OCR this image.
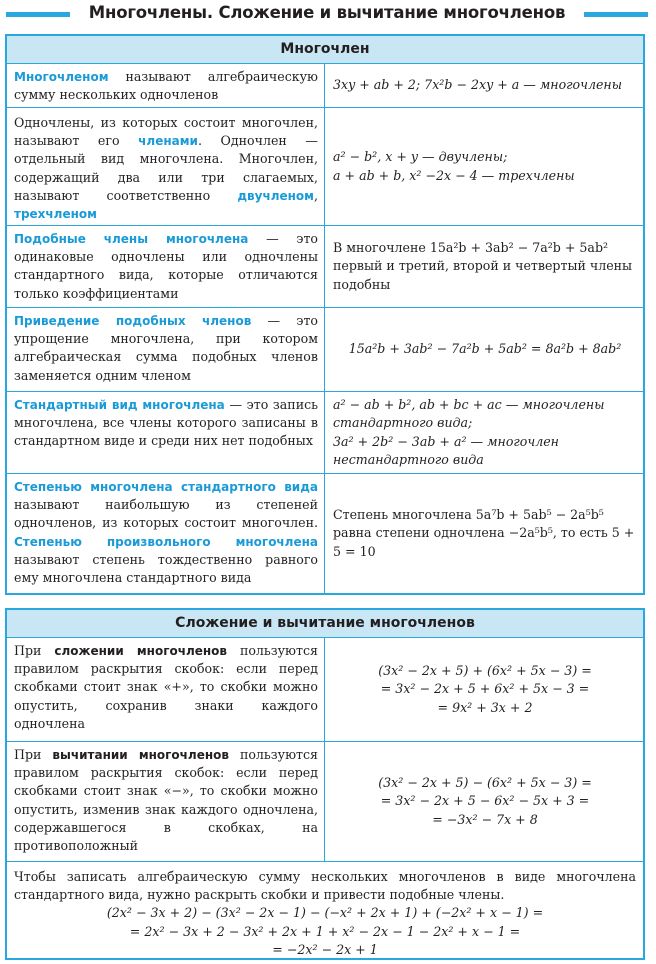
Многочлены. Сложение и вычитание многочленов
Многочлен
Многочленом называют алгебраическую сумму нескольких одночленов
3xy + ab + 2; 7x²b − 2xy + a — многочлены
Одночлены, из которых состоит многочлен, называют его членами. Одночлен — отдельный вид многочлена. Многочлен, содержащий два или три слагаемых, называют соответственно двучленом, трехчленом
a² − b², x + y — двучлены;
a + ab + b, x² −2x − 4 — трехчлены
Подобные члены многочлена — это одинаковые одночлены или одночлены стандартного вида, которые отличаются только коэффициентами
В многочлене 15a²b + 3ab² − 7a²b + 5ab² первый и третий, второй и четвертый члены подобны
Приведение подобных членов — это упрощение многочлена, при котором алгебраическая сумма подобных членов заменяется одним членом
15a²b + 3ab² − 7a²b + 5ab² = 8a²b + 8ab²
Стандартный вид многочлена — это запись многочлена, все члены которого записаны в стандартном виде и среди них нет подобных
a² − ab + b², ab + bc + ac — многочлены стандартного вида;
3a² + 2b² − 3ab + a² — многочлен нестандартного вида
Степенью многочлена стандартного вида называют наибольшую из степеней одночленов, из которых состоит многочлен. Степенью произвольного многочлена называют степень тождественно равного ему многочлена стандартного вида
Степень многочлена 5a⁷b + 5ab⁵ − 2a⁵b⁵ равна степени одночлена −2a⁵b⁵, то есть 5 + 5 = 10
Сложение и вычитание многочленов
При сложении многочленов пользуются правилом раскрытия скобок: если перед скобками стоит знак «+», то скобки можно опустить, сохранив знаки каждого одночлена
(3x² − 2x + 5) + (6x² + 5x − 3) =
= 3x² − 2x + 5 + 6x² + 5x − 3 =
= 9x² + 3x + 2
При вычитании многочленов пользуются правилом раскрытия скобок: если перед скобками стоит знак «−», то скобки можно опустить, изменив знак каждого одночлена, содержавшегося в скобках, на противоположный
(3x² − 2x + 5) − (6x² + 5x − 3) =
= 3x² − 2x + 5 − 6x² − 5x + 3 =
= −3x² − 7x + 8
Чтобы записать алгебраическую сумму нескольких многочленов в виде многочлена стандартного вида, нужно раскрыть скобки и привести подобные члены.
(2x² − 3x + 2) − (3x² − 2x − 1) − (−x² + 2x + 1) + (−2x² + x − 1) =
= 2x² − 3x + 2 − 3x² + 2x + 1 + x² − 2x − 1 − 2x² + x − 1 =
= −2x² − 2x + 1
